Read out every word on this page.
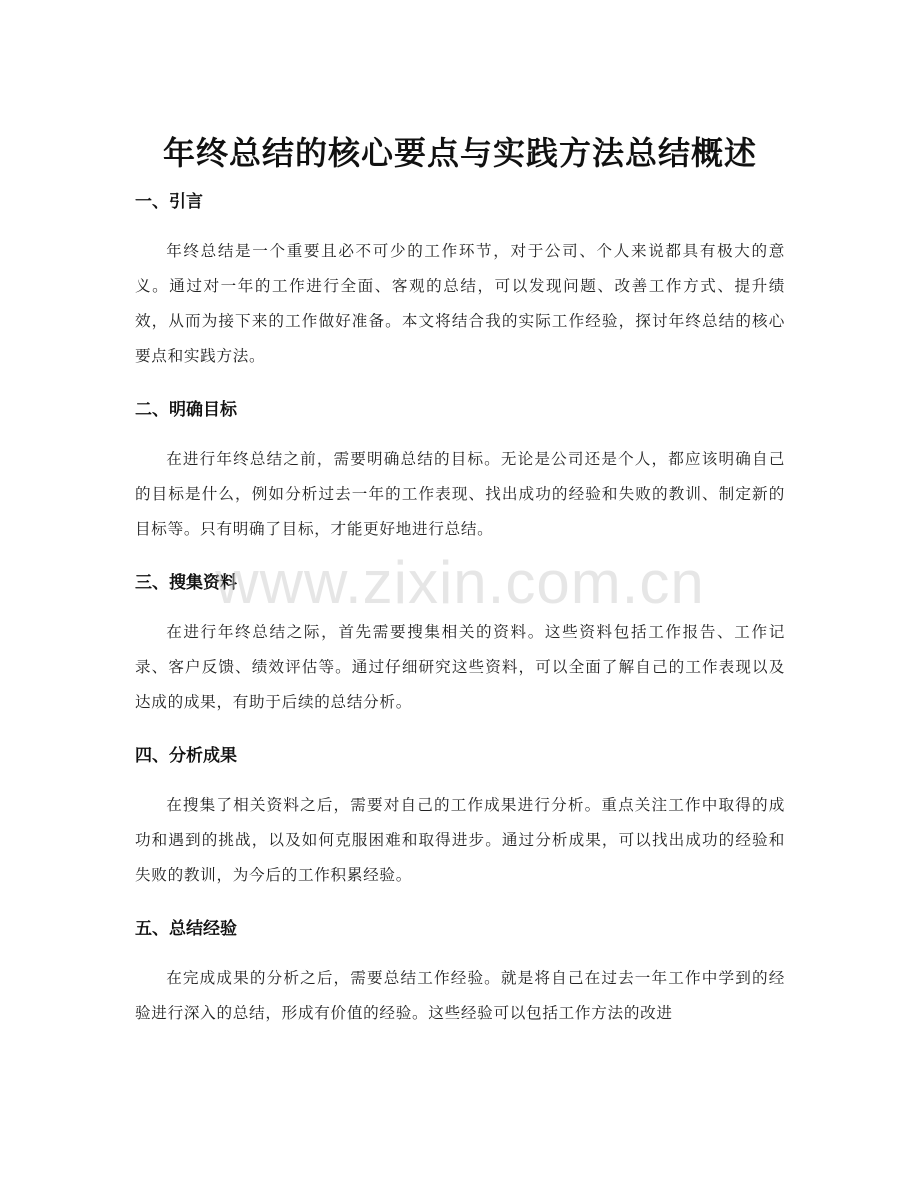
年终总结的核心要点与实践方法总结概述
一、引言

年终总结是一个重要且必不可少的工作环节，对于公司、个人来说都具有极大的意义。通过对一年的工作进行全面、客观的总结，可以发现问题、改善工作方式、提升绩效，从而为接下来的工作做好准备。本文将结合我的实际工作经验，探讨年终总结的核心要点和实践方法。

二、明确目标

在进行年终总结之前，需要明确总结的目标。无论是公司还是个人，都应该明确自己的目标是什么，例如分析过去一年的工作表现、找出成功的经验和失败的教训、制定新的目标等。只有明确了目标，才能更好地进行总结。

三、搜集资料

在进行年终总结之际，首先需要搜集相关的资料。这些资料包括工作报告、工作记录、客户反馈、绩效评估等。通过仔细研究这些资料，可以全面了解自己的工作表现以及达成的成果，有助于后续的总结分析。

四、分析成果

在搜集了相关资料之后，需要对自己的工作成果进行分析。重点关注工作中取得的成功和遇到的挑战，以及如何克服困难和取得进步。通过分析成果，可以找出成功的经验和失败的教训，为今后的工作积累经验。

五、总结经验

在完成成果的分析之后，需要总结工作经验。就是将自己在过去一年工作中学到的经验进行深入的总结，形成有价值的经验。这些经验可以包括工作方法的改进

www.zixin.com.cn
